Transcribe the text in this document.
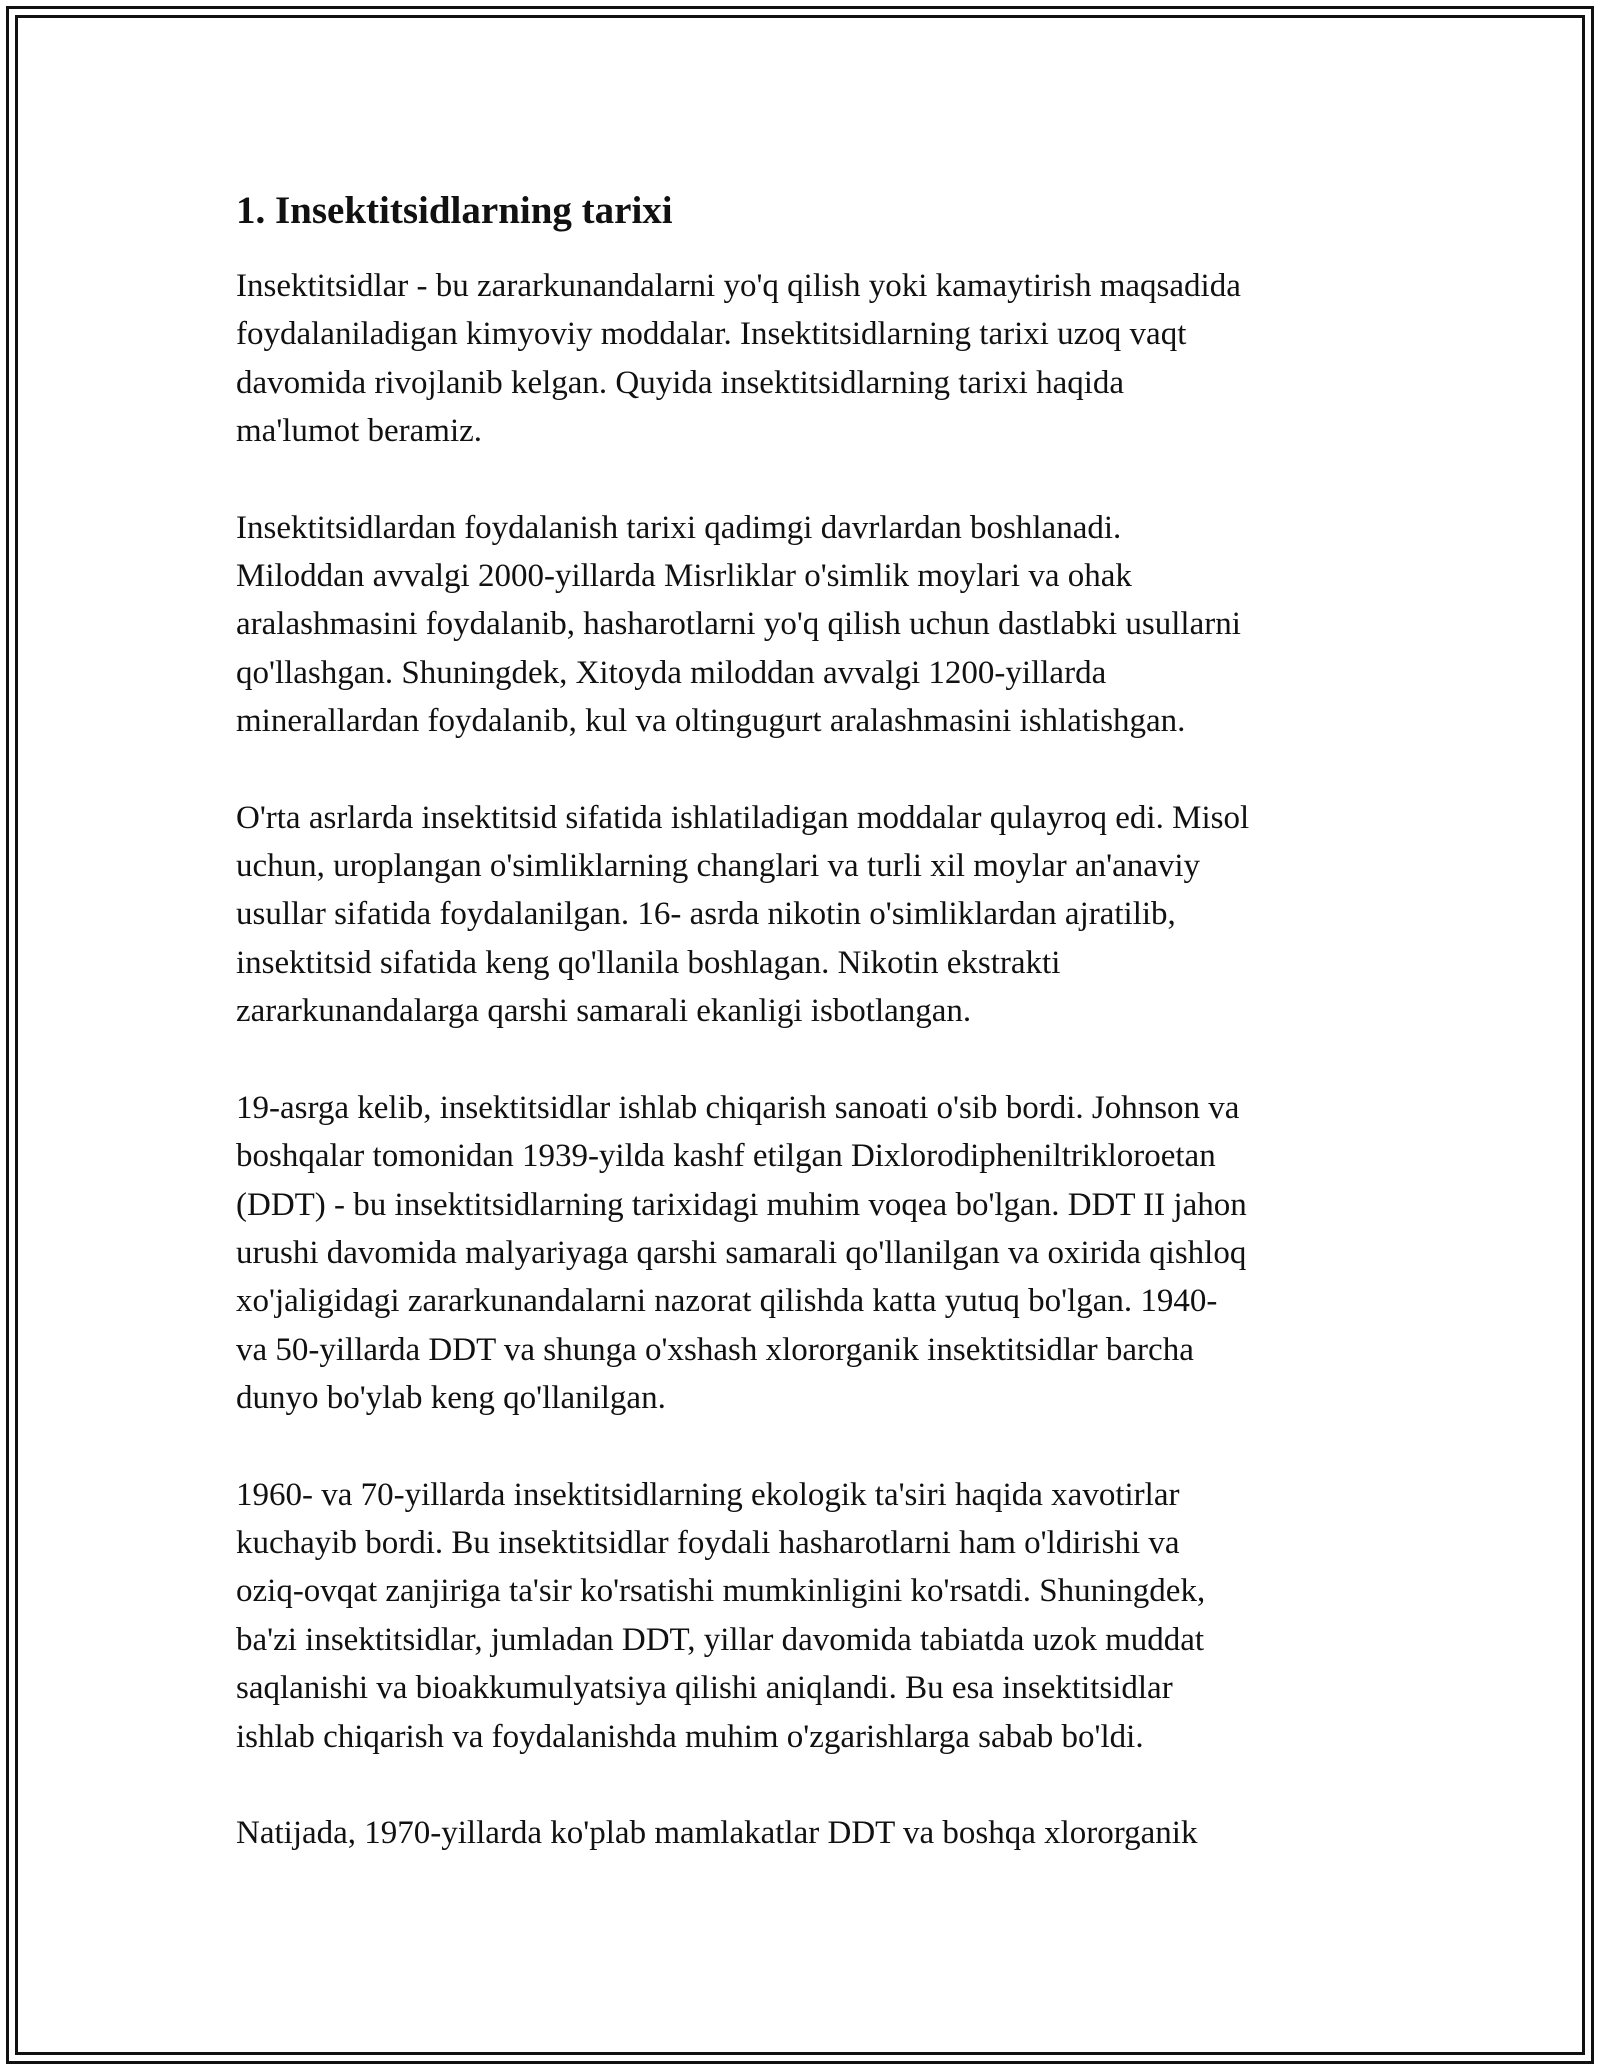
1. Insektitsidlarning tarixi

Insektitsidlar - bu zararkunandalarni yo'q qilish yoki kamaytirish maqsadida
foydalaniladigan kimyoviy moddalar. Insektitsidlarning tarixi uzoq vaqt
davomida rivojlanib kelgan. Quyida insektitsidlarning tarixi haqida
ma'lumot beramiz.

Insektitsidlardan foydalanish tarixi qadimgi davrlardan boshlanadi.
Miloddan avvalgi 2000-yillarda Misrliklar o'simlik moylari va ohak
aralashmasini foydalanib, hasharotlarni yo'q qilish uchun dastlabki usullarni
qo'llashgan. Shuningdek, Xitoyda miloddan avvalgi 1200-yillarda
minerallardan foydalanib, kul va oltingugurt aralashmasini ishlatishgan.

O'rta asrlarda insektitsid sifatida ishlatiladigan moddalar qulayroq edi. Misol
uchun, uroplangan o'simliklarning changlari va turli xil moylar an'anaviy
usullar sifatida foydalanilgan. 16- asrda nikotin o'simliklardan ajratilib,
insektitsid sifatida keng qo'llanila boshlagan. Nikotin ekstrakti
zararkunandalarga qarshi samarali ekanligi isbotlangan.

19-asrga kelib, insektitsidlar ishlab chiqarish sanoati o'sib bordi. Johnson va
boshqalar tomonidan 1939-yilda kashf etilgan Dixlorodipheniltrikloroetan
(DDT) - bu insektitsidlarning tarixidagi muhim voqea bo'lgan. DDT II jahon
urushi davomida malyariyaga qarshi samarali qo'llanilgan va oxirida qishloq
xo'jaligidagi zararkunandalarni nazorat qilishda katta yutuq bo'lgan. 1940-
va 50-yillarda DDT va shunga o'xshash xlororganik insektitsidlar barcha
dunyo bo'ylab keng qo'llanilgan.

1960- va 70-yillarda insektitsidlarning ekologik ta'siri haqida xavotirlar
kuchayib bordi. Bu insektitsidlar foydali hasharotlarni ham o'ldirishi va
oziq-ovqat zanjiriga ta'sir ko'rsatishi mumkinligini ko'rsatdi. Shuningdek,
ba'zi insektitsidlar, jumladan DDT, yillar davomida tabiatda uzok muddat
saqlanishi va bioakkumulyatsiya qilishi aniqlandi. Bu esa insektitsidlar
ishlab chiqarish va foydalanishda muhim o'zgarishlarga sabab bo'ldi.

Natijada, 1970-yillarda ko'plab mamlakatlar DDT va boshqa xlororganik
